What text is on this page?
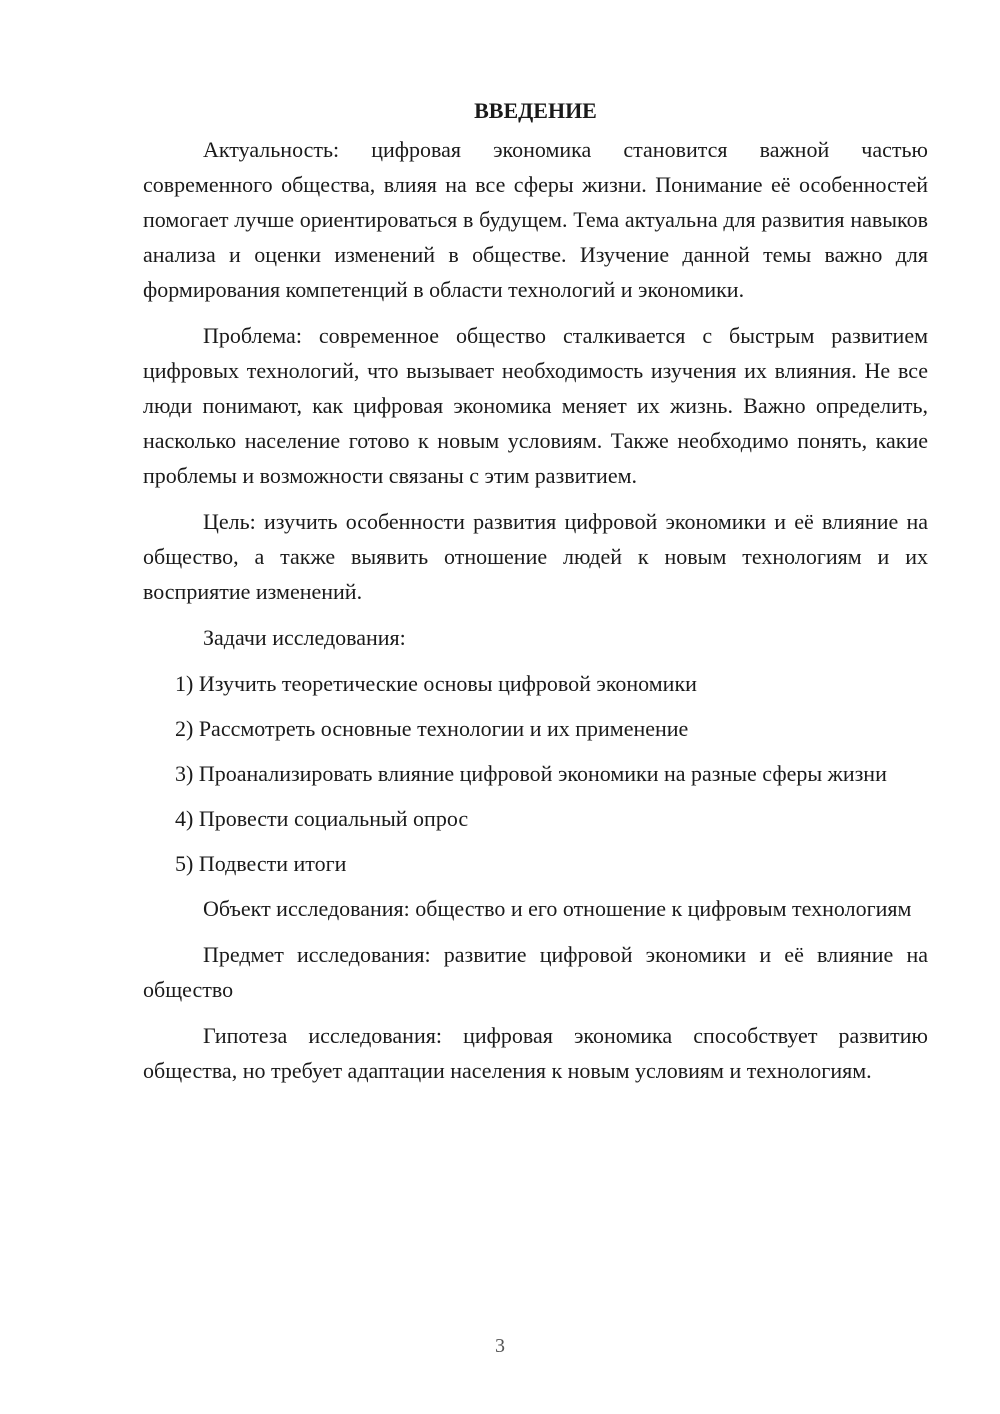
ВВЕДЕНИЕ

Актуальность: цифровая экономика становится важной частью современного общества, влияя на все сферы жизни. Понимание её особенностей помогает лучше ориентироваться в будущем. Тема актуальна для развития навыков анализа и оценки изменений в обществе. Изучение данной темы важно для формирования компетенций в области технологий и экономики.

Проблема: современное общество сталкивается с быстрым развитием цифровых технологий, что вызывает необходимость изучения их влияния. Не все люди понимают, как цифровая экономика меняет их жизнь. Важно определить, насколько население готово к новым условиям. Также необходимо понять, какие проблемы и возможности связаны с этим развитием.

Цель: изучить особенности развития цифровой экономики и её влияние на общество, а также выявить отношение людей к новым технологиям и их восприятие изменений.

Задачи исследования:

1) Изучить теоретические основы цифровой экономики

2) Рассмотреть основные технологии и их применение

3) Проанализировать влияние цифровой экономики на разные сферы жизни

4) Провести социальный опрос

5) Подвести итоги

Объект исследования: общество и его отношение к цифровым технологиям

Предмет исследования: развитие цифровой экономики и её влияние на общество

Гипотеза исследования: цифровая экономика способствует развитию общества, но требует адаптации населения к новым условиям и технологиям.

3
